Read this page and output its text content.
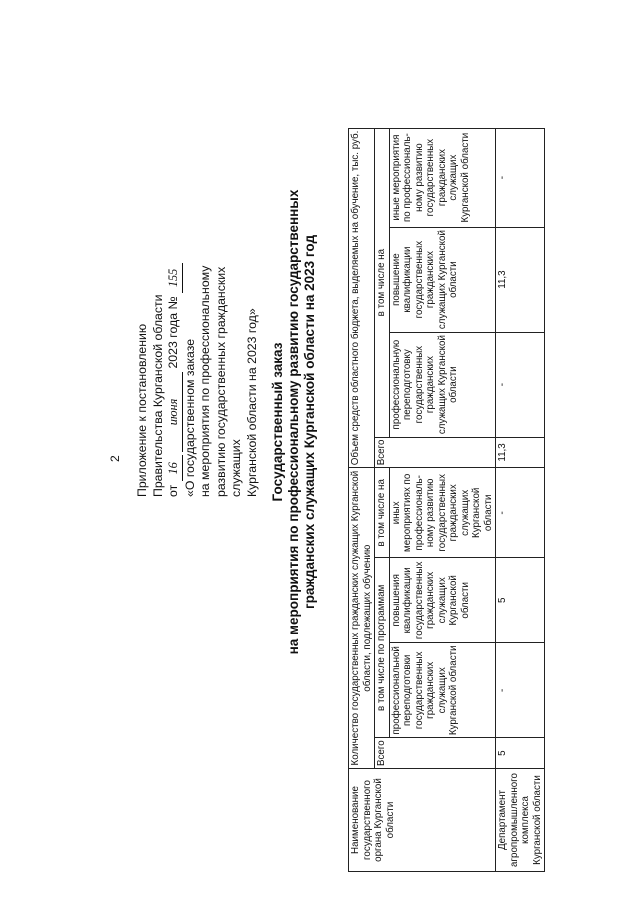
2 Приложение к постановлению Правительства Курганской области от 16 июня 2023 года № 155
«О государственном заказе на мероприятия по профессиональному развитию государственных гражданских служащих Курганской области на 2023 год» Государственный заказ на мероприятия по профессиональному развитию государственных гражданских служащих Курганской области на 2023 год
Наименование государственного органа Курганской области	Количество государственных гражданских служащих Курганской области, подлежащих обучению				Объем средств областного бюджета, выделяемых на обучение, тыс. руб.			
	Всего	в том числе по программам		в том числе на	Всего	в том числе на		
		профессиональной переподготовки государственных гражданских служащих Курганской области	повышения квалификации государственных гражданских служащих Курганской области	иных мероприятиях по профессиональ-ному развитию государственных гражданских служащих Курганской области		профессиональную переподготовку государственных гражданских служащих Курганской области	повышение квалификации государственных гражданских служащих Курганской области	иные мероприятия по профессиональ-ному развитию государственных гражданских служащих Курганской области
Департамент агропромышленного комплекса Курганской области	5	-	5	-	11,3	-	11,3	-
